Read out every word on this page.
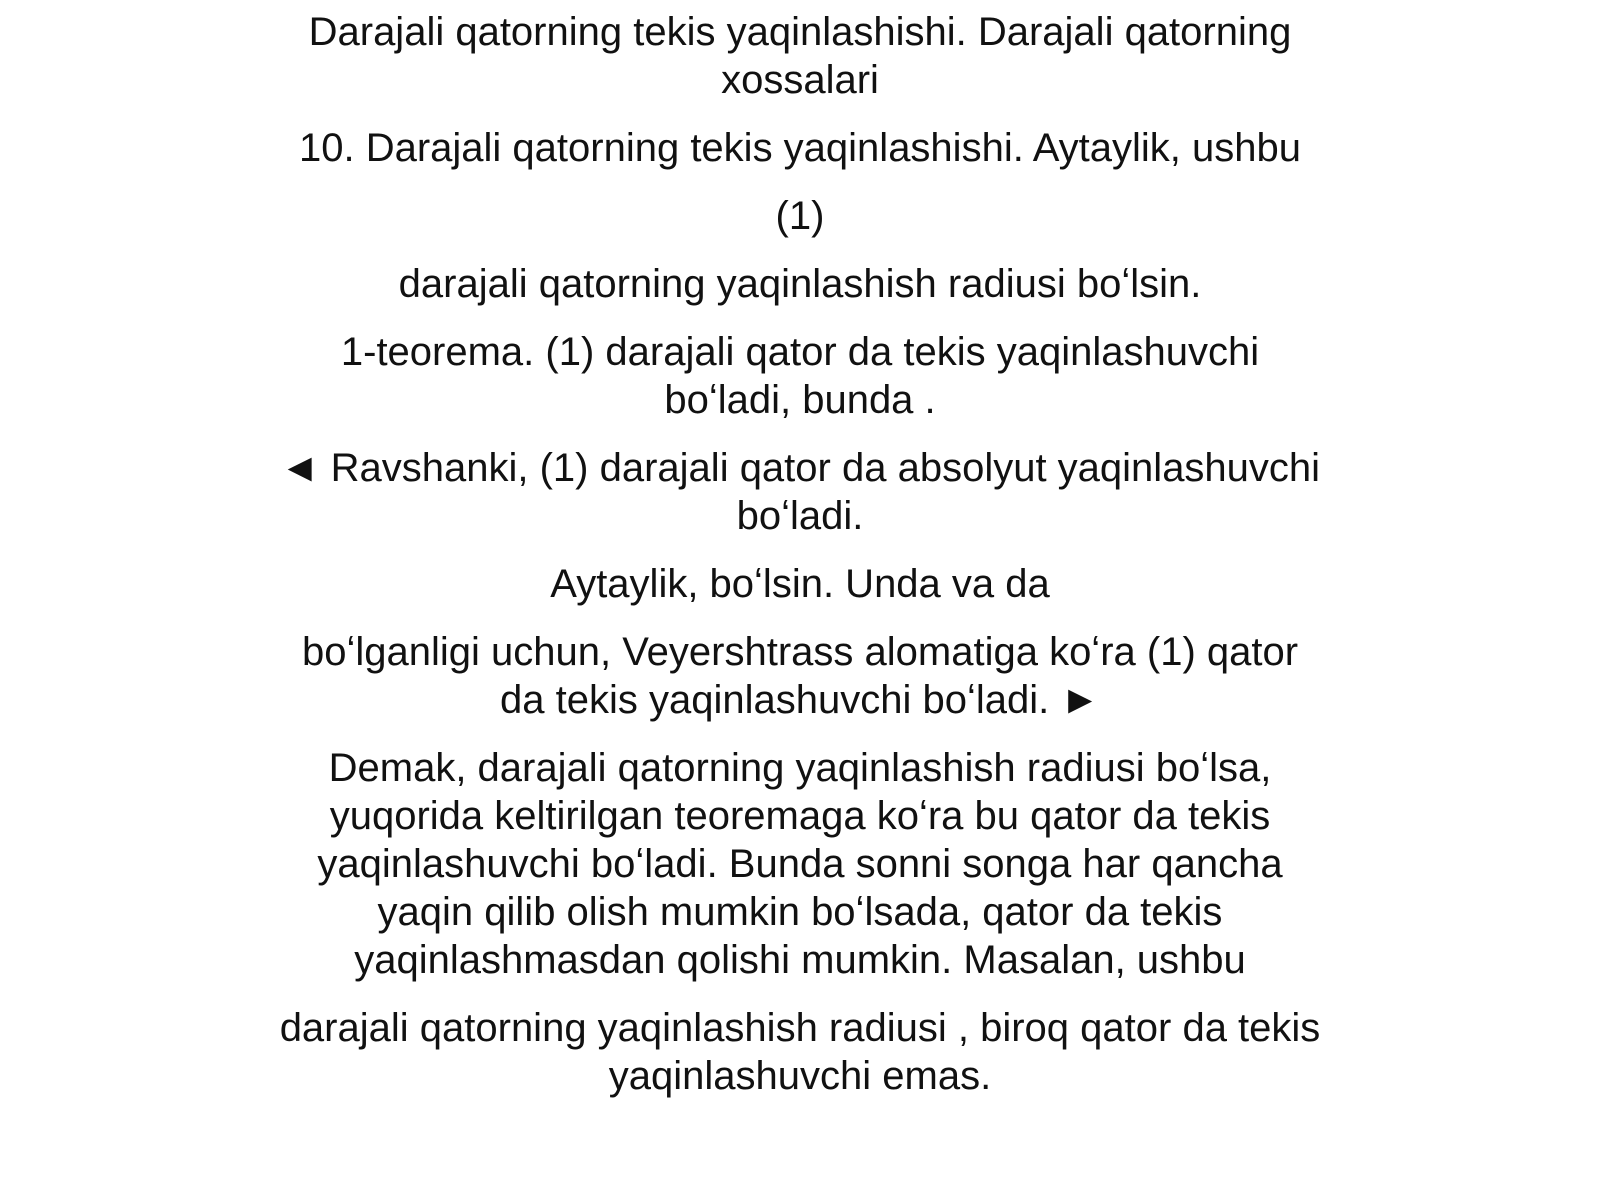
Darajali qatorning tekis yaqinlashishi. Darajali qatorning
xossalari
10. Darajali qatorning tekis yaqinlashishi. Aytaylik, ushbu
(1)
darajali qatorning yaqinlashish radiusi boʻlsin.
1-teorema. (1) darajali qator da tekis yaqinlashuvchi
boʻladi, bunda .
◄ Ravshanki, (1) darajali qator da absolyut yaqinlashuvchi
boʻladi.
Aytaylik, boʻlsin. Unda va da
boʻlganligi uchun, Veyershtrass alomatiga koʻra (1) qator
da tekis yaqinlashuvchi boʻladi. ►
Demak, darajali qatorning yaqinlashish radiusi boʻlsa,
yuqorida keltirilgan teoremaga koʻra bu qator da tekis
yaqinlashuvchi boʻladi. Bunda sonni songa har qancha
yaqin qilib olish mumkin boʻlsada, qator da tekis
yaqinlashmasdan qolishi mumkin. Masalan, ushbu
darajali qatorning yaqinlashish radiusi , biroq qator da tekis
yaqinlashuvchi emas.
